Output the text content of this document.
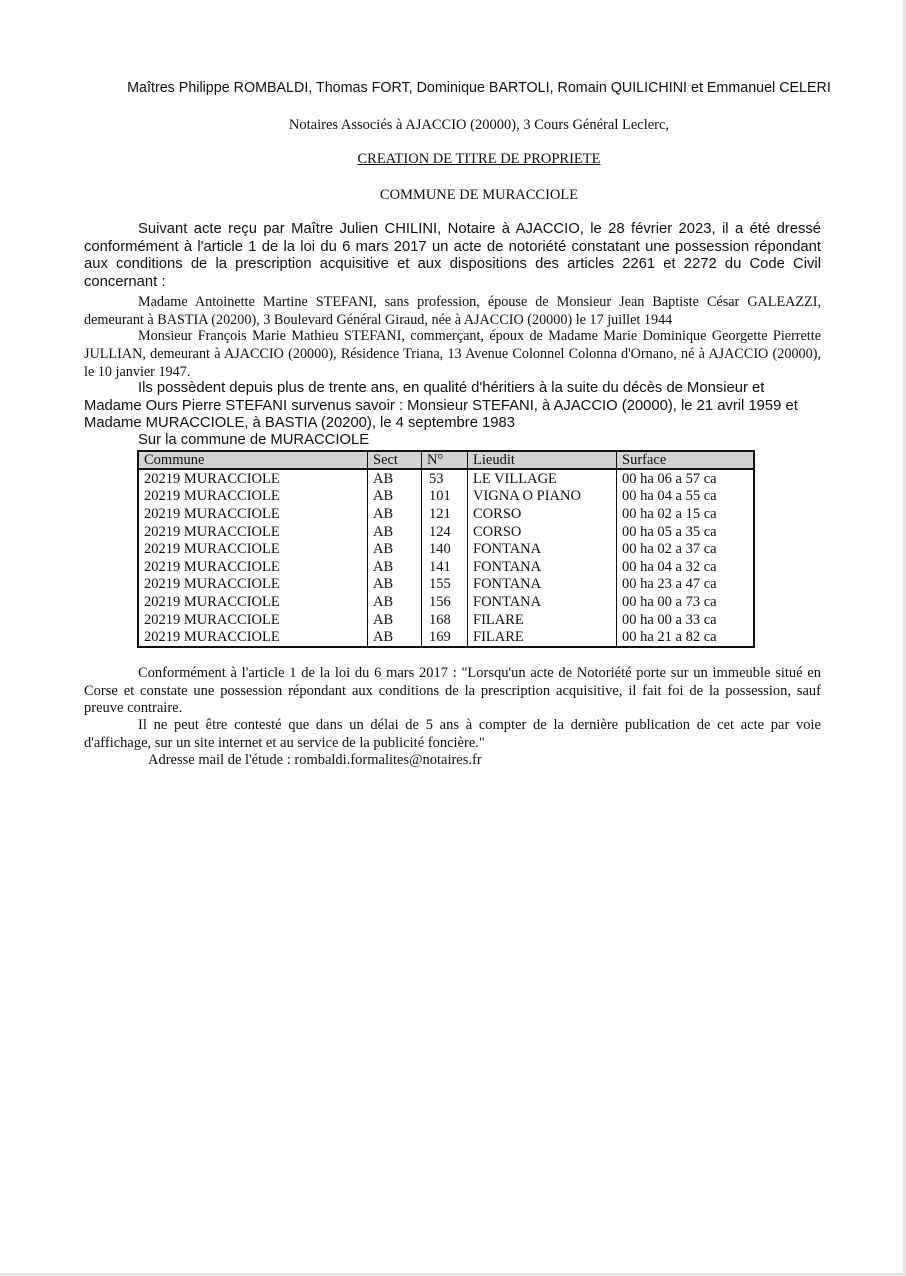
Maîtres Philippe ROMBALDI, Thomas FORT, Dominique BARTOLI, Romain QUILICHINI et Emmanuel CELERI
Notaires Associés à AJACCIO (20000), 3 Cours Général Leclerc,
CREATION DE TITRE DE PROPRIETE
COMMUNE DE MURACCIOLE
Suivant acte reçu par Maître Julien CHILINI, Notaire à AJACCIO, le 28 février 2023, il a été dressé conformément à l'article 1 de la loi du 6 mars 2017 un acte de notoriété constatant une possession répondant aux conditions de la prescription acquisitive et aux dispositions des articles 2261 et 2272 du Code Civil concernant :
Madame Antoinette Martine STEFANI, sans profession, épouse de Monsieur Jean Baptiste César GALEAZZI, demeurant à BASTIA (20200), 3 Boulevard Général Giraud, née à AJACCIO (20000) le 17 juillet 1944
Monsieur François Marie Mathieu STEFANI, commerçant, époux de Madame Marie Dominique Georgette Pierrette JULLIAN, demeurant à AJACCIO (20000), Résidence Triana, 13 Avenue Colonnel Colonna d'Ornano, né à AJACCIO (20000), le 10 janvier 1947.
Ils possèdent depuis plus de trente ans, en qualité d'héritiers à la suite du décès de Monsieur et Madame Ours Pierre STEFANI survenus savoir : Monsieur STEFANI, à AJACCIO (20000), le 21 avril 1959 et Madame MURACCIOLE, à BASTIA (20200), le 4 septembre 1983
Sur la commune de MURACCIOLE
Commune	Sect	N°	Lieudit	Surface
20219 MURACCIOLE	AB	53	LE VILLAGE	00 ha 06 a 57 ca
20219 MURACCIOLE	AB	101	VIGNA O PIANO	00 ha 04 a 55 ca
20219 MURACCIOLE	AB	121	CORSO	00 ha 02 a 15 ca
20219 MURACCIOLE	AB	124	CORSO	00 ha 05 a 35 ca
20219 MURACCIOLE	AB	140	FONTANA	00 ha 02 a 37 ca
20219 MURACCIOLE	AB	141	FONTANA	00 ha 04 a 32 ca
20219 MURACCIOLE	AB	155	FONTANA	00 ha 23 a 47 ca
20219 MURACCIOLE	AB	156	FONTANA	00 ha 00 a 73 ca
20219 MURACCIOLE	AB	168	FILARE	00 ha 00 a 33 ca
20219 MURACCIOLE	AB	169	FILARE	00 ha 21 a 82 ca
Conformément à l'article 1 de la loi du 6 mars 2017 : "Lorsqu'un acte de Notoriété porte sur un immeuble situé en Corse et constate une possession répondant aux conditions de la prescription acquisitive, il fait foi de la possession, sauf preuve contraire.
Il ne peut être contesté que dans un délai de 5 ans à compter de la dernière publication de cet acte par voie d'affichage, sur un site internet et au service de la publicité foncière."
Adresse mail de l'étude : rombaldi.formalites@notaires.fr
